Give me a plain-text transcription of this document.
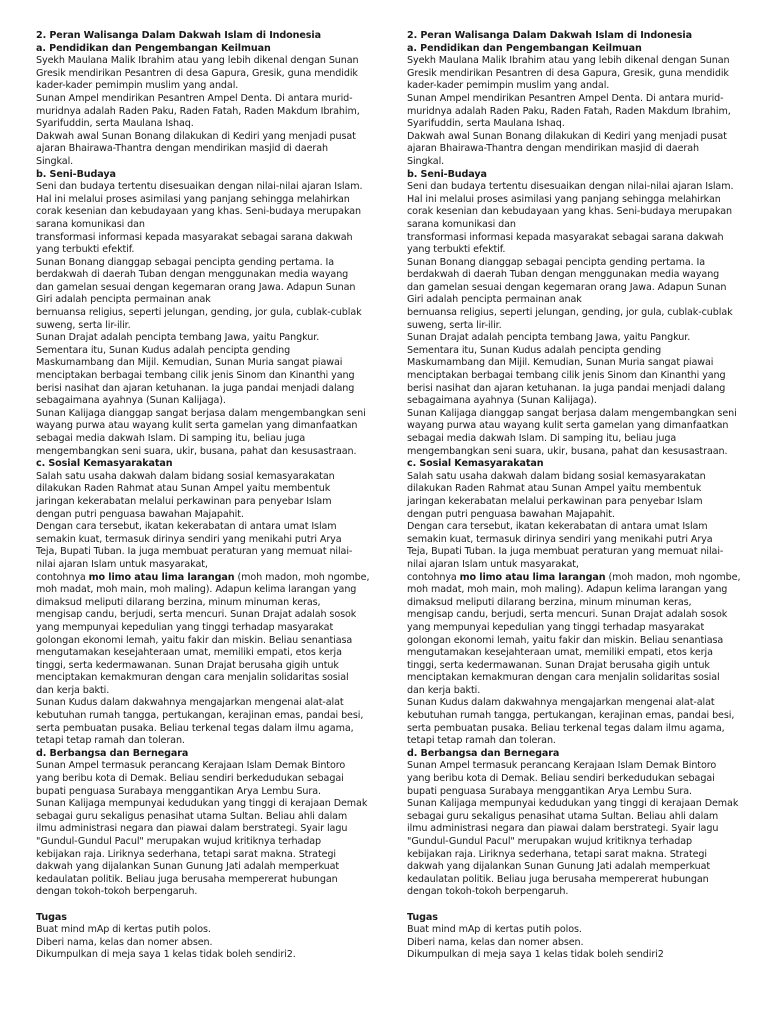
2. Peran Walisanga Dalam Dakwah Islam di Indonesia
a. Pendidikan dan Pengembangan Keilmuan
Syekh Maulana Malik Ibrahim atau yang lebih dikenal dengan Sunan
Gresik mendirikan Pesantren di desa Gapura, Gresik, guna mendidik
kader-kader pemimpin muslim yang andal.
Sunan Ampel mendirikan Pesantren Ampel Denta. Di antara murid-
muridnya adalah Raden Paku, Raden Fatah, Raden Makdum Ibrahim,
Syarifuddin, serta Maulana Ishaq.
Dakwah awal Sunan Bonang dilakukan di Kediri yang menjadi pusat
ajaran Bhairawa-Thantra dengan mendirikan masjid di daerah
Singkal.
b. Seni-Budaya
Seni dan budaya tertentu disesuaikan dengan nilai-nilai ajaran Islam.
Hal ini melalui proses asimilasi yang panjang sehingga melahirkan
corak kesenian dan kebudayaan yang khas. Seni-budaya merupakan
sarana komunikasi dan
transformasi informasi kepada masyarakat sebagai sarana dakwah
yang terbukti efektif.
Sunan Bonang dianggap sebagai pencipta gending pertama. Ia
berdakwah di daerah Tuban dengan menggunakan media wayang
dan gamelan sesuai dengan kegemaran orang Jawa. Adapun Sunan
Giri adalah pencipta permainan anak
bernuansa religius, seperti jelungan, gending, jor gula, cublak-cublak
suweng, serta lir-ilir.
Sunan Drajat adalah pencipta tembang Jawa, yaitu Pangkur.
Sementara itu, Sunan Kudus adalah pencipta gending
Maskumambang dan Mijil. Kemudian, Sunan Muria sangat piawai
menciptakan berbagai tembang cilik jenis Sinom dan Kinanthi yang
berisi nasihat dan ajaran ketuhanan. Ia juga pandai menjadi dalang
sebagaimana ayahnya (Sunan Kalijaga).
Sunan Kalijaga dianggap sangat berjasa dalam mengembangkan seni
wayang purwa atau wayang kulit serta gamelan yang dimanfaatkan
sebagai media dakwah Islam. Di samping itu, beliau juga
mengembangkan seni suara, ukir, busana, pahat dan kesusastraan.
c. Sosial Kemasyarakatan
Salah satu usaha dakwah dalam bidang sosial kemasyarakatan
dilakukan Raden Rahmat atau Sunan Ampel yaitu membentuk
jaringan kekerabatan melalui perkawinan para penyebar Islam
dengan putri penguasa bawahan Majapahit.
Dengan cara tersebut, ikatan kekerabatan di antara umat Islam
semakin kuat, termasuk dirinya sendiri yang menikahi putri Arya
Teja, Bupati Tuban. Ia juga membuat peraturan yang memuat nilai-
nilai ajaran Islam untuk masyarakat,
contohnya mo limo atau lima larangan (moh madon, moh ngombe,
moh madat, moh main, moh maling). Adapun kelima larangan yang
dimaksud meliputi dilarang berzina, minum minuman keras,
mengisap candu, berjudi, serta mencuri. Sunan Drajat adalah sosok
yang mempunyai kepedulian yang tinggi terhadap masyarakat
golongan ekonomi lemah, yaitu fakir dan miskin. Beliau senantiasa
mengutamakan kesejahteraan umat, memiliki empati, etos kerja
tinggi, serta kedermawanan. Sunan Drajat berusaha gigih untuk
menciptakan kemakmuran dengan cara menjalin solidaritas sosial
dan kerja bakti.
Sunan Kudus dalam dakwahnya mengajarkan mengenai alat-alat
kebutuhan rumah tangga, pertukangan, kerajinan emas, pandai besi,
serta pembuatan pusaka. Beliau terkenal tegas dalam ilmu agama,
tetapi tetap ramah dan toleran.
d. Berbangsa dan Bernegara
Sunan Ampel termasuk perancang Kerajaan Islam Demak Bintoro
yang beribu kota di Demak. Beliau sendiri berkedudukan sebagai
bupati penguasa Surabaya menggantikan Arya Lembu Sura.
Sunan Kalijaga mempunyai kedudukan yang tinggi di kerajaan Demak
sebagai guru sekaligus penasihat utama Sultan. Beliau ahli dalam
ilmu administrasi negara dan piawai dalam berstrategi. Syair lagu
"Gundul-Gundul Pacul" merupakan wujud kritiknya terhadap
kebijakan raja. Liriknya sederhana, tetapi sarat makna. Strategi
dakwah yang dijalankan Sunan Gunung Jati adalah memperkuat
kedaulatan politik. Beliau juga berusaha mempererat hubungan
dengan tokoh-tokoh berpengaruh.
Tugas
Buat mind mAp di kertas putih polos.
Diberi nama, kelas dan nomer absen.
Dikumpulkan di meja saya 1 kelas tidak boleh sendiri2.
2. Peran Walisanga Dalam Dakwah Islam di Indonesia
a. Pendidikan dan Pengembangan Keilmuan
Syekh Maulana Malik Ibrahim atau yang lebih dikenal dengan Sunan
Gresik mendirikan Pesantren di desa Gapura, Gresik, guna mendidik
kader-kader pemimpin muslim yang andal.
Sunan Ampel mendirikan Pesantren Ampel Denta. Di antara murid-
muridnya adalah Raden Paku, Raden Fatah, Raden Makdum Ibrahim,
Syarifuddin, serta Maulana Ishaq.
Dakwah awal Sunan Bonang dilakukan di Kediri yang menjadi pusat
ajaran Bhairawa-Thantra dengan mendirikan masjid di daerah
Singkal.
b. Seni-Budaya
Seni dan budaya tertentu disesuaikan dengan nilai-nilai ajaran Islam.
Hal ini melalui proses asimilasi yang panjang sehingga melahirkan
corak kesenian dan kebudayaan yang khas. Seni-budaya merupakan
sarana komunikasi dan
transformasi informasi kepada masyarakat sebagai sarana dakwah
yang terbukti efektif.
Sunan Bonang dianggap sebagai pencipta gending pertama. Ia
berdakwah di daerah Tuban dengan menggunakan media wayang
dan gamelan sesuai dengan kegemaran orang Jawa. Adapun Sunan
Giri adalah pencipta permainan anak
bernuansa religius, seperti jelungan, gending, jor gula, cublak-cublak
suweng, serta lir-ilir.
Sunan Drajat adalah pencipta tembang Jawa, yaitu Pangkur.
Sementara itu, Sunan Kudus adalah pencipta gending
Maskumambang dan Mijil. Kemudian, Sunan Muria sangat piawai
menciptakan berbagai tembang cilik jenis Sinom dan Kinanthi yang
berisi nasihat dan ajaran ketuhanan. Ia juga pandai menjadi dalang
sebagaimana ayahnya (Sunan Kalijaga).
Sunan Kalijaga dianggap sangat berjasa dalam mengembangkan seni
wayang purwa atau wayang kulit serta gamelan yang dimanfaatkan
sebagai media dakwah Islam. Di samping itu, beliau juga
mengembangkan seni suara, ukir, busana, pahat dan kesusastraan.
c. Sosial Kemasyarakatan
Salah satu usaha dakwah dalam bidang sosial kemasyarakatan
dilakukan Raden Rahmat atau Sunan Ampel yaitu membentuk
jaringan kekerabatan melalui perkawinan para penyebar Islam
dengan putri penguasa bawahan Majapahit.
Dengan cara tersebut, ikatan kekerabatan di antara umat Islam
semakin kuat, termasuk dirinya sendiri yang menikahi putri Arya
Teja, Bupati Tuban. Ia juga membuat peraturan yang memuat nilai-
nilai ajaran Islam untuk masyarakat,
contohnya mo limo atau lima larangan (moh madon, moh ngombe,
moh madat, moh main, moh maling). Adapun kelima larangan yang
dimaksud meliputi dilarang berzina, minum minuman keras,
mengisap candu, berjudi, serta mencuri. Sunan Drajat adalah sosok
yang mempunyai kepedulian yang tinggi terhadap masyarakat
golongan ekonomi lemah, yaitu fakir dan miskin. Beliau senantiasa
mengutamakan kesejahteraan umat, memiliki empati, etos kerja
tinggi, serta kedermawanan. Sunan Drajat berusaha gigih untuk
menciptakan kemakmuran dengan cara menjalin solidaritas sosial
dan kerja bakti.
Sunan Kudus dalam dakwahnya mengajarkan mengenai alat-alat
kebutuhan rumah tangga, pertukangan, kerajinan emas, pandai besi,
serta pembuatan pusaka. Beliau terkenal tegas dalam ilmu agama,
tetapi tetap ramah dan toleran.
d. Berbangsa dan Bernegara
Sunan Ampel termasuk perancang Kerajaan Islam Demak Bintoro
yang beribu kota di Demak. Beliau sendiri berkedudukan sebagai
bupati penguasa Surabaya menggantikan Arya Lembu Sura.
Sunan Kalijaga mempunyai kedudukan yang tinggi di kerajaan Demak
sebagai guru sekaligus penasihat utama Sultan. Beliau ahli dalam
ilmu administrasi negara dan piawai dalam berstrategi. Syair lagu
"Gundul-Gundul Pacul" merupakan wujud kritiknya terhadap
kebijakan raja. Liriknya sederhana, tetapi sarat makna. Strategi
dakwah yang dijalankan Sunan Gunung Jati adalah memperkuat
kedaulatan politik. Beliau juga berusaha mempererat hubungan
dengan tokoh-tokoh berpengaruh.
Tugas
Buat mind mAp di kertas putih polos.
Diberi nama, kelas dan nomer absen.
Dikumpulkan di meja saya 1 kelas tidak boleh sendiri2
